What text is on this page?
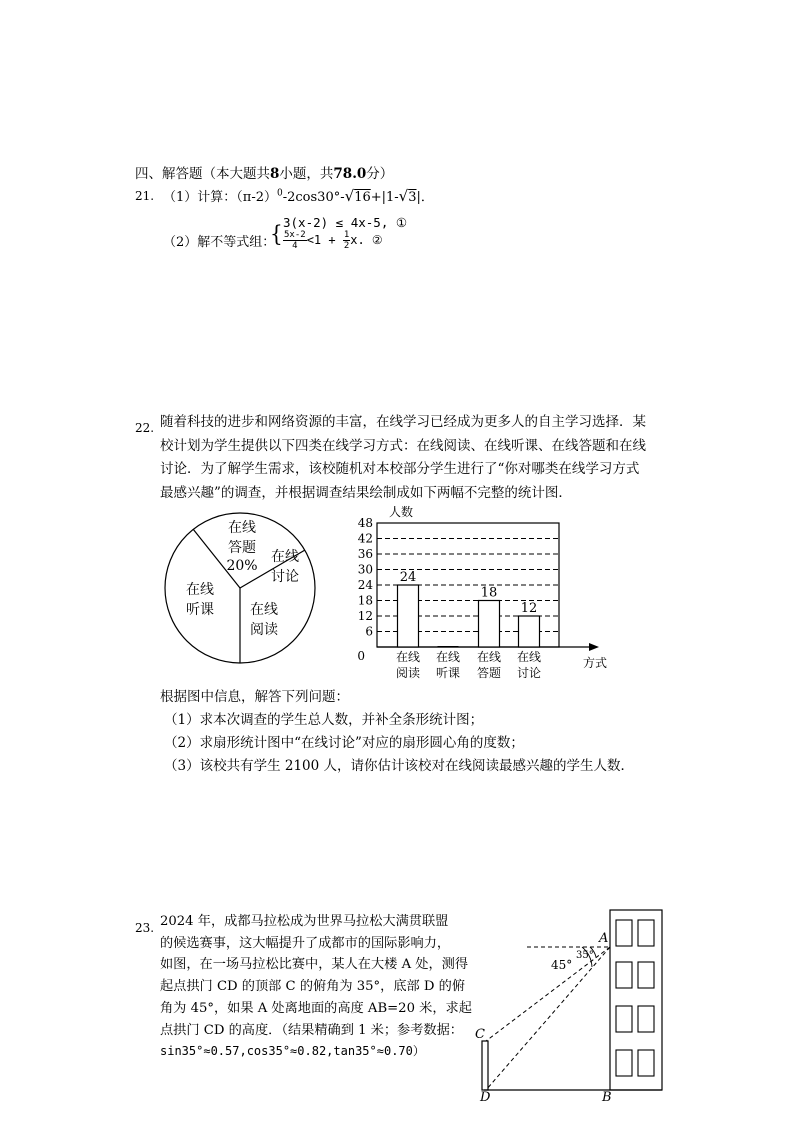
四、解答题（本大题共8小题，共78.0分）
21. （1）计算：$(\pi-2)^0-2\cos 30^\circ-√16+|1-√3|$．
（2）解不等式组：
{ 3(x-2) ≤ 4x-5, ①
$\frac{5x-2}{4} <1 + \frac{1}{2} x$. ②
22. 随着科技的进步和网络资源的丰富，在线学习已经成为更多人的自主学习选择．某
校计划为学生提供以下四类在线学习方式：在线阅读、在线听课、在线答题和在线
讨论．为了解学生需求，该校随机对本校部分学生进行了“你对哪类在线学习方式
最感兴趣”的调查，并根据调查结果绘制成如下两幅不完整的统计图．
在线
答题
20%
在线
讨论
在线
阅读
在线
听课
6
12
18
24
30
36
42
48
0
人数
方式
24
在线
阅读
在线
听课
18
在线
答题
12
在线
讨论
根据图中信息，解答下列问题：
（1）求本次调查的学生总人数，并补全条形统计图；
（2）求扇形统计图中“在线讨论”对应的扇形圆心角的度数；
（3）该校共有学生 2100 人，请你估计该校对在线阅读最感兴趣的学生人数．
23. 2024 年，成都马拉松成为世界马拉松大满贯联盟
的候选赛事，这大幅提升了成都市的国际影响力，
如图，在一场马拉松比赛中，某人在大楼 A 处，测得
起点拱门 CD 的顶部 C 的俯角为 35°，底部 D 的俯
角为 45°，如果 A 处离地面的高度 AB=20 米，求起
点拱门 CD 的高度．（结果精确到 1 米；参考数据：
sin35°≈0.57,cos35°≈0.82,tan35°≈0.70）
A
B
C
D
45°
35°
